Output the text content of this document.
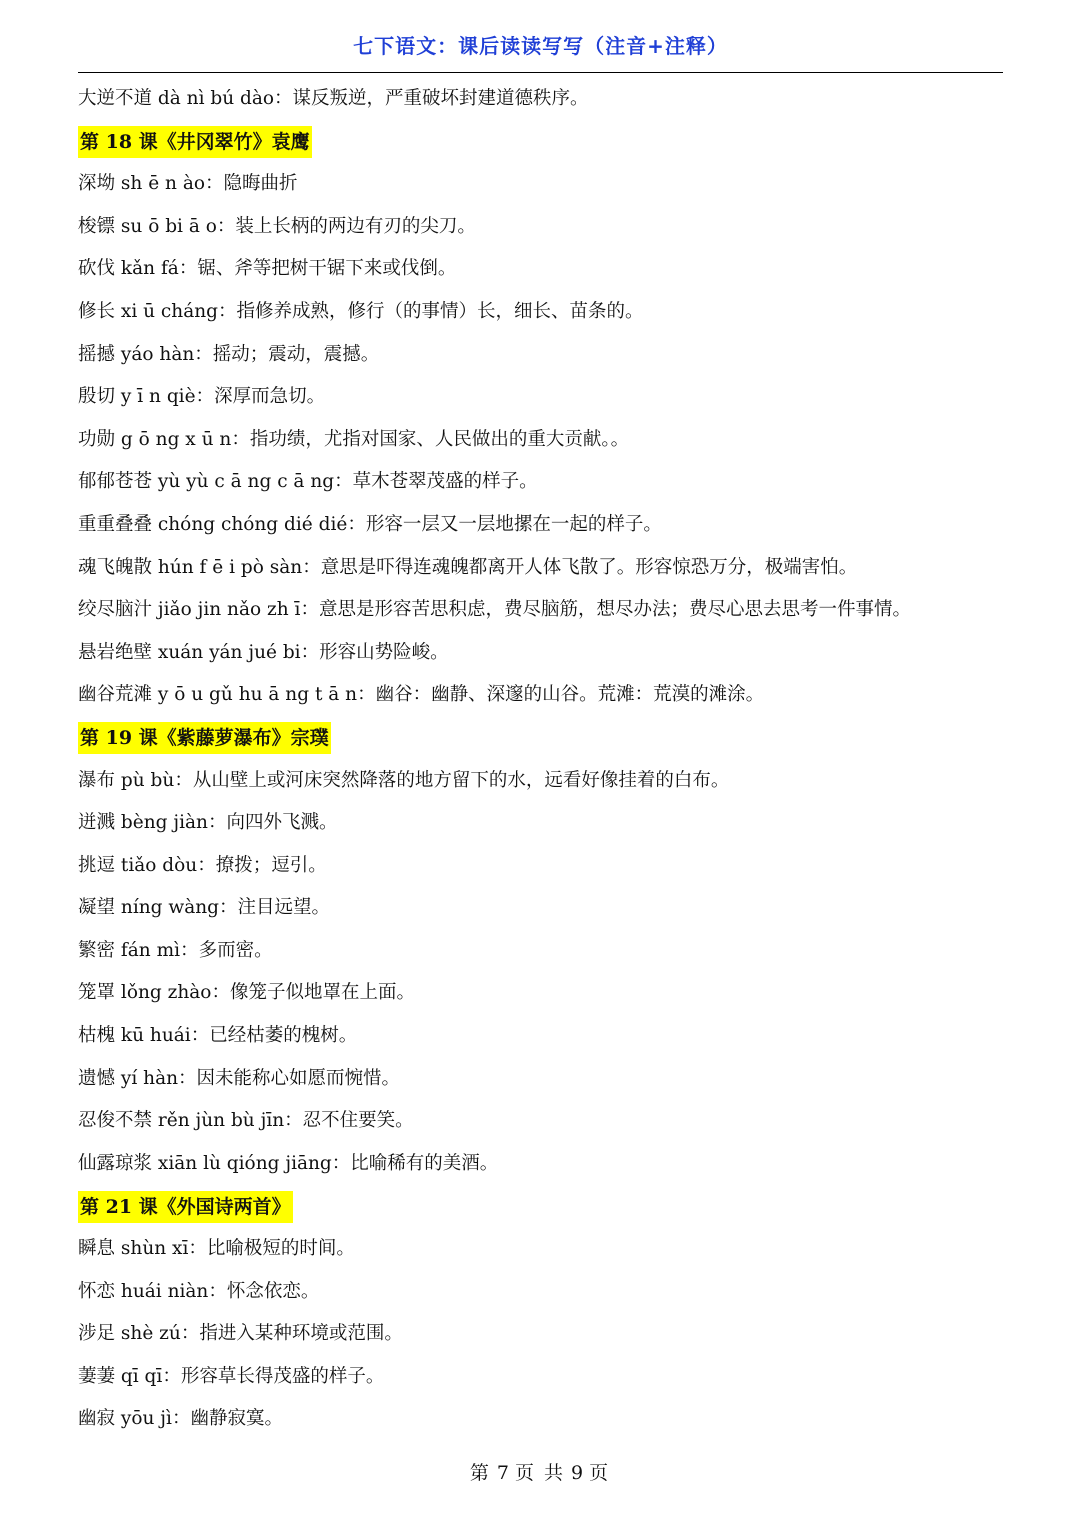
七下语文：课后读读写写（注音+注释）
大逆不道 dà nì bú dào：谋反叛逆，严重破坏封建道德秩序。
第 18 课《井冈翠竹》袁鹰
深坳 sh ē n ào：隐晦曲折
梭镖 su ō bi ā o：装上长柄的两边有刃的尖刀。
砍伐 kǎn fá：锯、斧等把树干锯下来或伐倒。
修长 xi ū cháng：指修养成熟，修行（的事情）长，细长、苗条的。
摇撼 yáo hàn：摇动；震动，震撼。
殷切 y ī n qiè：深厚而急切。
功勋 g ō ng x ū n：指功绩，尤指对国家、人民做出的重大贡献。。
郁郁苍苍 yù yù c ā ng c ā ng：草木苍翠茂盛的样子。
重重叠叠 chóng chóng dié dié：形容一层又一层地摞在一起的样子。
魂飞魄散 hún f ē i pò sàn：意思是吓得连魂魄都离开人体飞散了。形容惊恐万分，极端害怕。
绞尽脑汁 jiǎo jin nǎo zh ī：意思是形容苦思积虑，费尽脑筋，想尽办法；费尽心思去思考一件事情。
悬岩绝壁 xuán yán jué bi：形容山势险峻。
幽谷荒滩 y ō u gǔ hu ā ng t ā n：幽谷：幽静、深邃的山谷。荒滩：荒漠的滩涂。
第 19 课《紫藤萝瀑布》宗璞
瀑布 pù bù：从山壁上或河床突然降落的地方留下的水，远看好像挂着的白布。
迸溅 bèng jiàn：向四外飞溅。
挑逗 tiǎo dòu：撩拨；逗引。
凝望 níng wàng：注目远望。
繁密 fán mì：多而密。
笼罩 lǒng zhào：像笼子似地罩在上面。
枯槐 kū huái：已经枯萎的槐树。
遗憾 yí hàn：因未能称心如愿而惋惜。
忍俊不禁 rěn jùn bù jīn：忍不住要笑。
仙露琼浆 xiān lù qióng jiāng：比喻稀有的美酒。
第 21 课《外国诗两首》
瞬息 shùn xī：比喻极短的时间。
怀恋 huái niàn：怀念依恋。
涉足 shè zú：指进入某种环境或范围。
萋萋 qī qī：形容草长得茂盛的样子。
幽寂 yōu jì：幽静寂寞。
第 7 页 共 9 页
